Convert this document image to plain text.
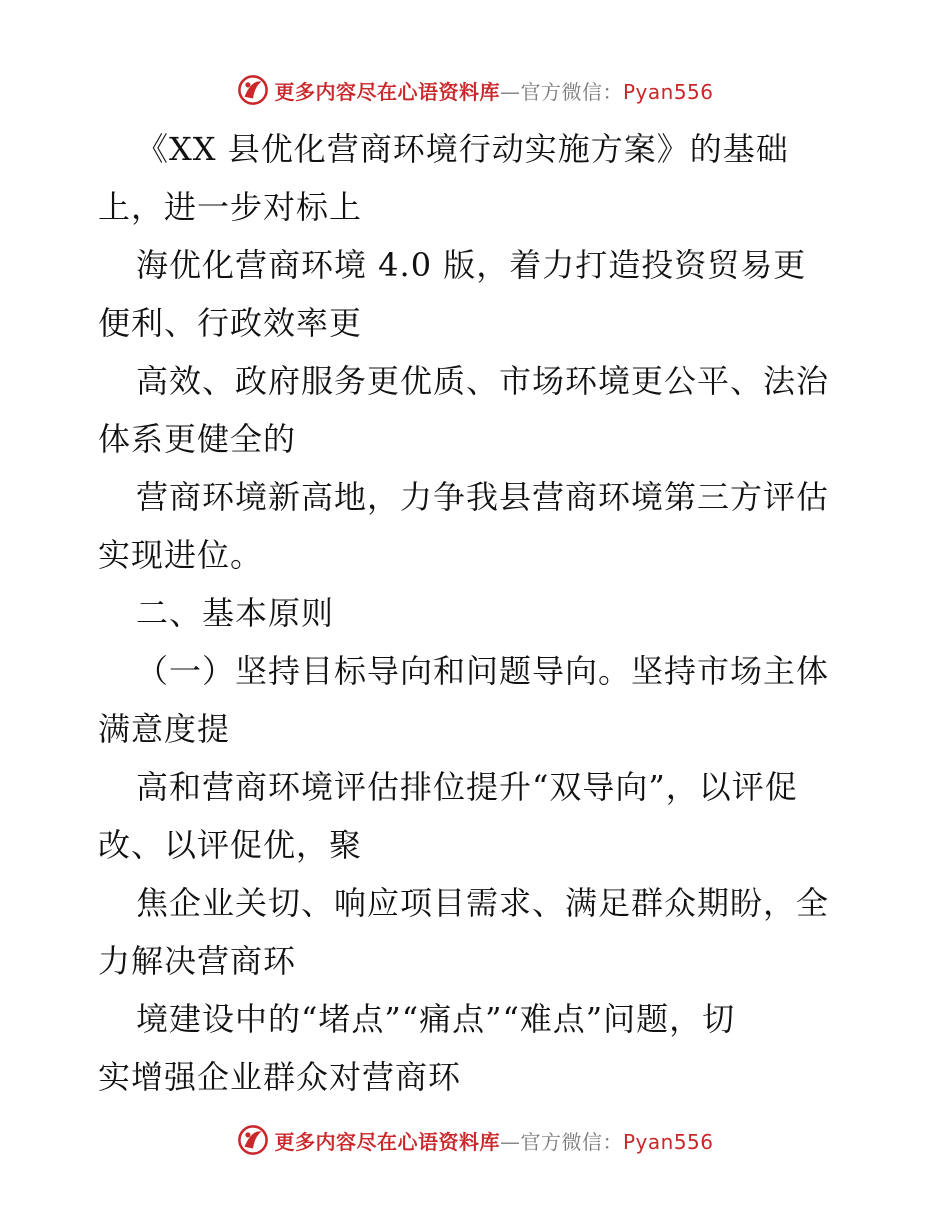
更多内容尽在心语资料库—官方微信：Pyan556
《XX 县优化营商环境行动实施方案》的基础
上，进一步对标上
海优化营商环境 4.0 版，着力打造投资贸易更
便利、行政效率更
高效、政府服务更优质、市场环境更公平、法治
体系更健全的
营商环境新高地，力争我县营商环境第三方评估
实现进位。
二、基本原则
（一）坚持目标导向和问题导向。坚持市场主体
满意度提
高和营商环境评估排位提升“双导向”，以评促
改、以评促优，聚
焦企业关切、响应项目需求、满足群众期盼，全
力解决营商环
境建设中的“堵点”“痛点”“难点”问题，切
实增强企业群众对营商环
更多内容尽在心语资料库—官方微信：Pyan556
